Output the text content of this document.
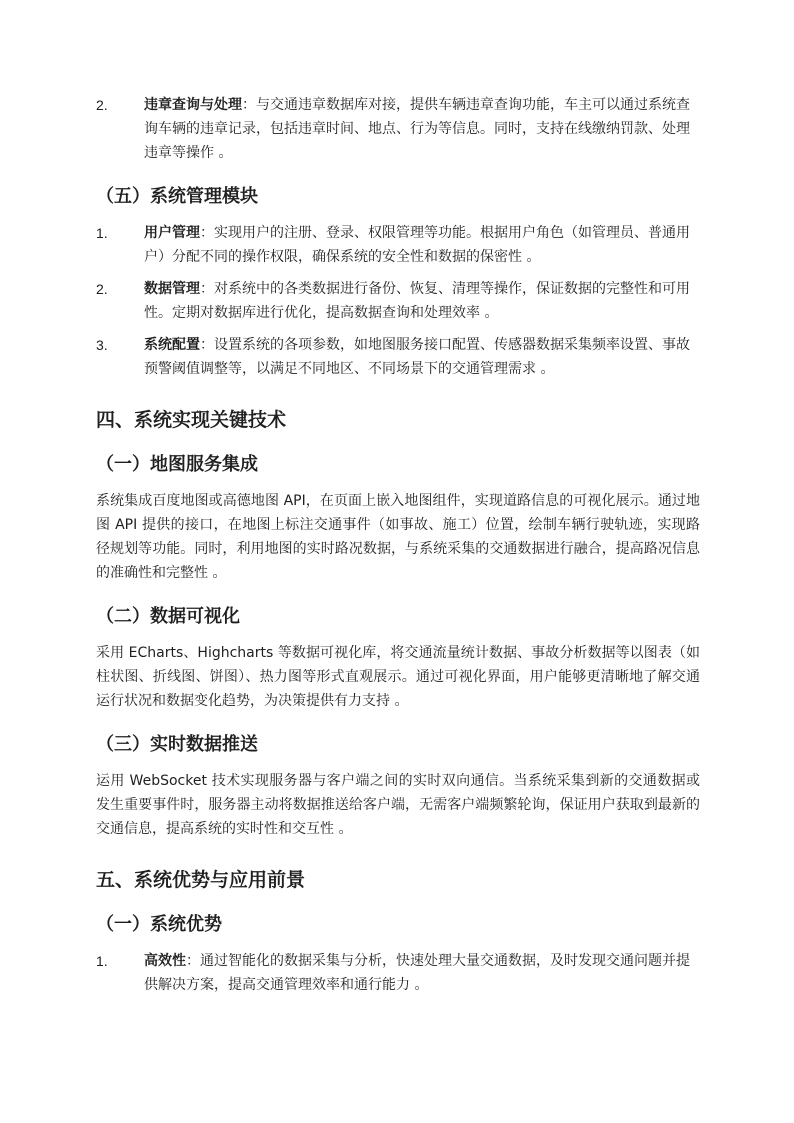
2.	违章查询与处理：与交通违章数据库对接，提供车辆违章查询功能，车主可以通过系统查询车辆的违章记录，包括违章时间、地点、行为等信息。同时，支持在线缴纳罚款、处理违章等操作 。
（五）系统管理模块
1.	用户管理：实现用户的注册、登录、权限管理等功能。根据用户角色（如管理员、普通用户）分配不同的操作权限，确保系统的安全性和数据的保密性 。
2.	数据管理：对系统中的各类数据进行备份、恢复、清理等操作，保证数据的完整性和可用性。定期对数据库进行优化，提高数据查询和处理效率 。
3.	系统配置：设置系统的各项参数，如地图服务接口配置、传感器数据采集频率设置、事故预警阈值调整等，以满足不同地区、不同场景下的交通管理需求 。
四、系统实现关键技术
（一）地图服务集成

系统集成百度地图或高德地图 API，在页面上嵌入地图组件，实现道路信息的可视化展示。通过地图 API 提供的接口，在地图上标注交通事件（如事故、施工）位置，绘制车辆行驶轨迹，实现路径规划等功能。同时，利用地图的实时路况数据，与系统采集的交通数据进行融合，提高路况信息的准确性和完整性 。

（二）数据可视化

采用 ECharts、Highcharts 等数据可视化库，将交通流量统计数据、事故分析数据等以图表（如柱状图、折线图、饼图）、热力图等形式直观展示。通过可视化界面，用户能够更清晰地了解交通运行状况和数据变化趋势，为决策提供有力支持 。

（三）实时数据推送

运用 WebSocket 技术实现服务器与客户端之间的实时双向通信。当系统采集到新的交通数据或发生重要事件时，服务器主动将数据推送给客户端，无需客户端频繁轮询，保证用户获取到最新的交通信息，提高系统的实时性和交互性 。

五、系统优势与应用前景
（一）系统优势
1.	高效性：通过智能化的数据采集与分析，快速处理大量交通数据，及时发现交通问题并提供解决方案，提高交通管理效率和通行能力 。
